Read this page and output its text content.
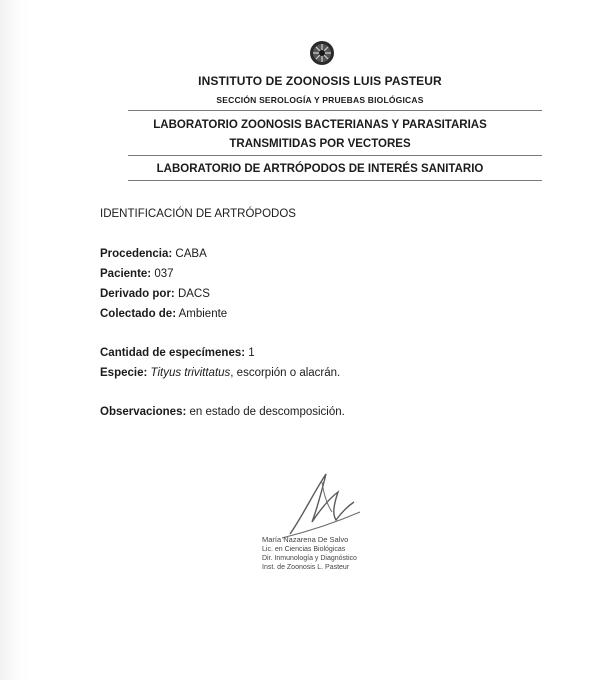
INSTITUTO DE ZOONOSIS LUIS PASTEUR
SECCIÓN SEROLOGÍA Y PRUEBAS BIOLÓGICAS
LABORATORIO ZOONOSIS BACTERIANAS Y PARASITARIAS
TRANSMITIDAS POR VECTORES
LABORATORIO DE ARTRÓPODOS DE INTERÉS SANITARIO
IDENTIFICACIÓN DE ARTRÓPODOS
Procedencia: CABA
Paciente: 037
Derivado por: DACS
Colectado de: Ambiente
Cantidad de especímenes: 1
Especie: Tityus trivittatus, escorpión o alacrán.
Observaciones: en estado de descomposición.
María Nazarena De Salvo
Lic. en Ciencias Biológicas
Dir. Inmunología y Diagnóstico
Inst. de Zoonosis L. Pasteur
